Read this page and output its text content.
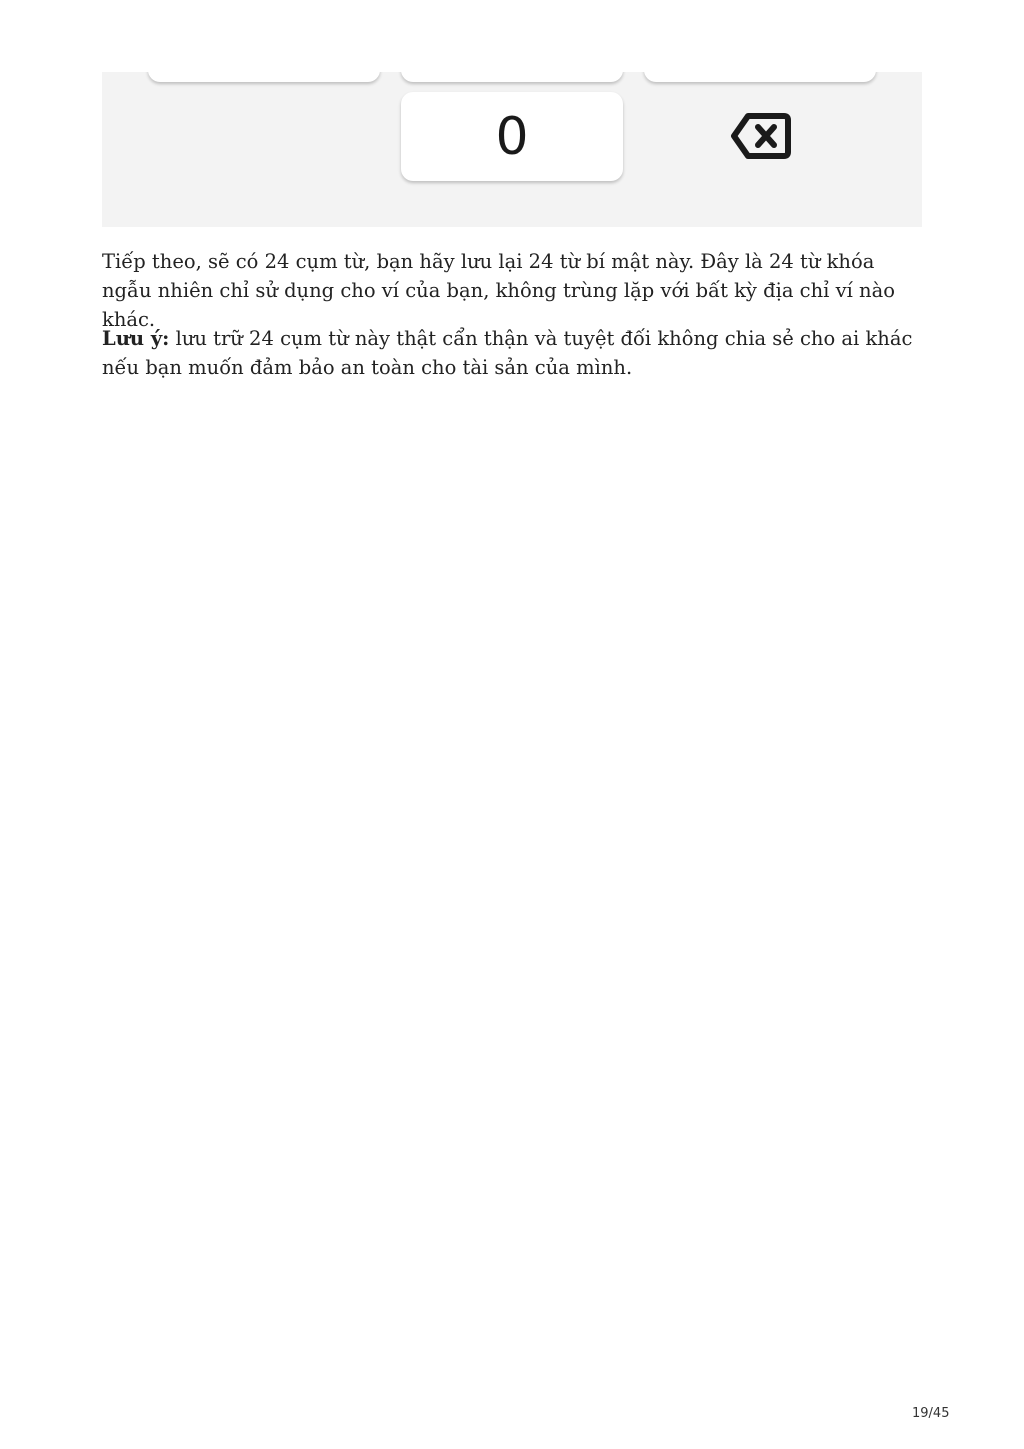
0

Tiếp theo, sẽ có 24 cụm từ, bạn hãy lưu lại 24 từ bí mật này. Đây là 24 từ khóa ngẫu nhiên chỉ sử dụng cho ví của bạn, không trùng lặp với bất kỳ địa chỉ ví nào khác.

Lưu ý: lưu trữ 24 cụm từ này thật cẩn thận và tuyệt đối không chia sẻ cho ai khác nếu bạn muốn đảm bảo an toàn cho tài sản của mình.

19/45
